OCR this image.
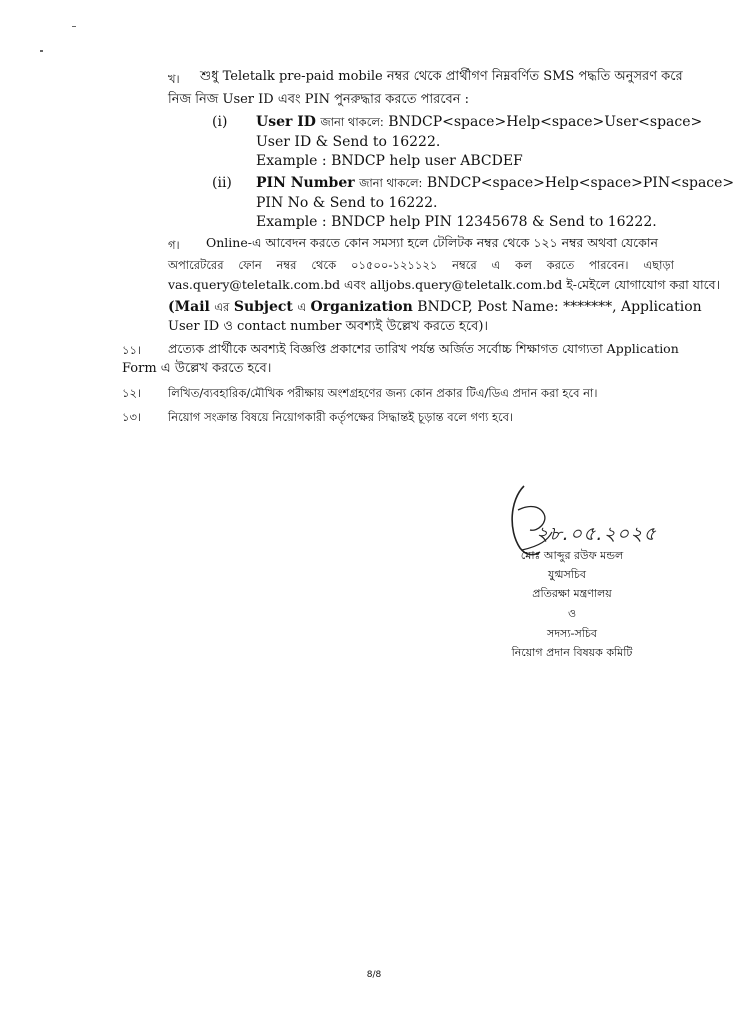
খ। শুধু Teletalk pre-paid mobile নম্বর থেকে প্রার্থীগণ নিম্নবর্ণিত SMS পদ্ধতি অনুসরণ করে
নিজ নিজ User ID এবং PIN পুনরুদ্ধার করতে পারবেন :
(i) User ID জানা থাকলে: BNDCP<space>Help<space>User<space>
User ID & Send to 16222.
Example : BNDCP help user ABCDEF
(ii) PIN Number জানা থাকলে: BNDCP<space>Help<space>PIN<space>
PIN No & Send to 16222.
Example : BNDCP help PIN 12345678 & Send to 16222.
গ। Online-এ আবেদন করতে কোন সমস্যা হলে টেলিটক নম্বর থেকে ১২১ নম্বর অথবা যেকোন
অপারেটরের ফোন নম্বর থেকে ০১৫০০-১২১১২১ নম্বরে এ কল করতে পারবেন। এছাড়া
vas.query@teletalk.com.bd এবং alljobs.query@teletalk.com.bd ই-মেইলে যোগাযোগ করা যাবে।
(Mail এর Subject এ Organization BNDCP, Post Name: *******, Application
User ID ও contact number অবশ্যই উল্লেখ করতে হবে)।
১১। প্রত্যেক প্রার্থীকে অবশ্যই বিজ্ঞপ্তি প্রকাশের তারিখ পর্যন্ত অর্জিত সর্বোচ্চ শিক্ষাগত যোগ্যতা Application
Form এ উল্লেখ করতে হবে।
১২। লিখিত/ব্যবহারিক/মৌখিক পরীক্ষায় অংশগ্রহণের জন্য কোন প্রকার টিএ/ডিএ প্রদান করা হবে না।
১৩। নিয়োগ সংক্রান্ত বিষয়ে নিয়োগকারী কর্তৃপক্ষের সিদ্ধান্তই চূড়ান্ত বলে গণ্য হবে।
২৮.০৫.২০২৫
মোঃ আব্দুর রউফ মন্ডল
যুগ্মসচিব
প্রতিরক্ষা মন্ত্রণালয়
ও
সদস্য-সচিব
নিয়োগ প্রদান বিষয়ক কমিটি
8/8
